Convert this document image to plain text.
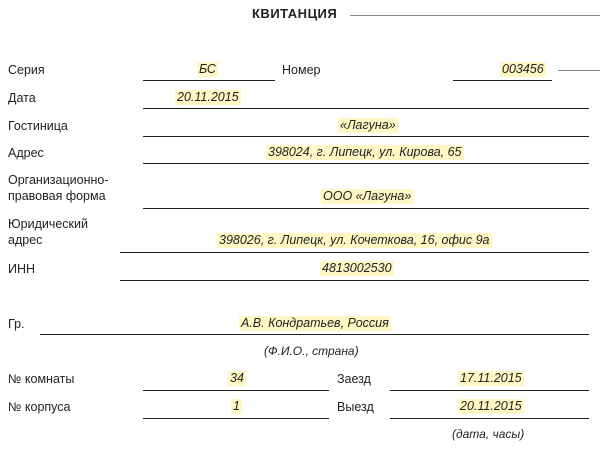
КВИТАНЦИЯ
Серия	БС	Номер	003456
Дата	20.11.2015
Гостиница	«Лагуна»
Адрес	398024, г. Липецк, ул. Кирова, 65
Организационно-
правовая форма	ООО «Лагуна»
Юридический
адрес	398026, г. Липецк, ул. Кочеткова, 16, офис 9а
ИНН	4813002530
Гр.	А.В. Кондратьев, Россия
(Ф.И.О., страна)
№ комнаты	34	Заезд	17.11.2015
№ корпуса	1	Выезд	20.11.2015
(дата, часы)
